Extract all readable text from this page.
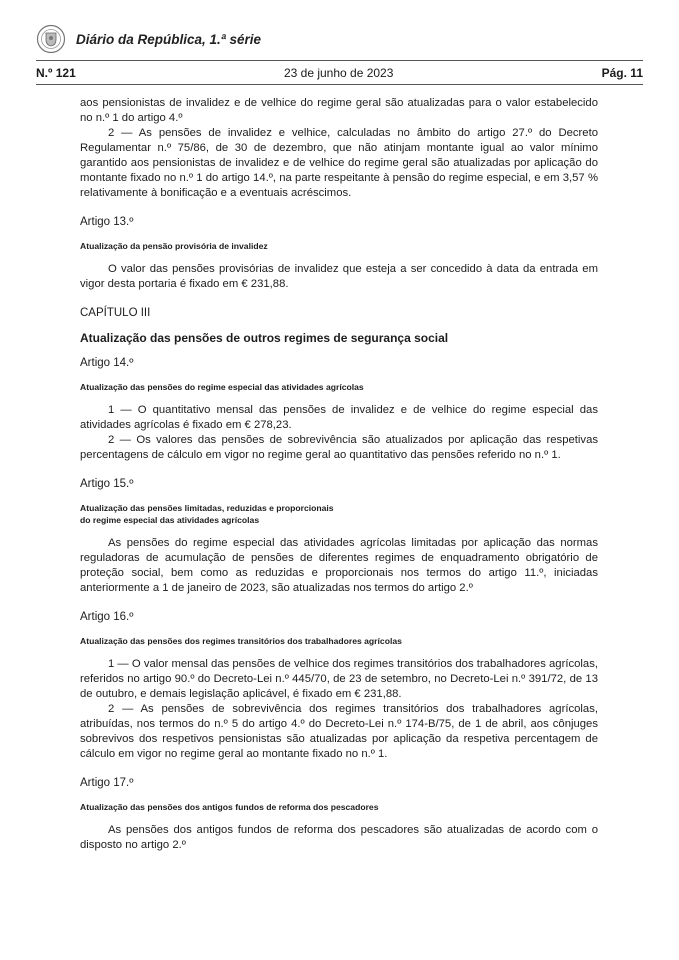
Diário da República, 1.ª série
N.º 121	23 de junho de 2023	Pág. 11

aos pensionistas de invalidez e de velhice do regime geral são atualizadas para o valor estabelecido no n.º 1 do artigo 4.º

2 — As pensões de invalidez e velhice, calculadas no âmbito do artigo 27.º do Decreto Regulamentar n.º 75/86, de 30 de dezembro, que não atinjam montante igual ao valor mínimo garantido aos pensionistas de invalidez e de velhice do regime geral são atualizadas por aplicação do montante fixado no n.º 1 do artigo 14.º, na parte respeitante à pensão do regime especial, e em 3,57 % relativamente à bonificação e a eventuais acréscimos.

Artigo 13.º

Atualização da pensão provisória de invalidez

O valor das pensões provisórias de invalidez que esteja a ser concedido à data da entrada em vigor desta portaria é fixado em € 231,88.

CAPÍTULO III

Atualização das pensões de outros regimes de segurança social

Artigo 14.º

Atualização das pensões do regime especial das atividades agrícolas

1 — O quantitativo mensal das pensões de invalidez e de velhice do regime especial das atividades agrícolas é fixado em € 278,23.

2 — Os valores das pensões de sobrevivência são atualizados por aplicação das respetivas percentagens de cálculo em vigor no regime geral ao quantitativo das pensões referido no n.º 1.

Artigo 15.º

Atualização das pensões limitadas, reduzidas e proporcionais

do regime especial das atividades agrícolas

As pensões do regime especial das atividades agrícolas limitadas por aplicação das normas reguladoras de acumulação de pensões de diferentes regimes de enquadramento obrigatório de proteção social, bem como as reduzidas e proporcionais nos termos do artigo 11.º, iniciadas anteriormente a 1 de janeiro de 2023, são atualizadas nos termos do artigo 2.º

Artigo 16.º

Atualização das pensões dos regimes transitórios dos trabalhadores agrícolas

1 — O valor mensal das pensões de velhice dos regimes transitórios dos trabalhadores agrícolas, referidos no artigo 90.º do Decreto-Lei n.º 445/70, de 23 de setembro, no Decreto-Lei n.º 391/72, de 13 de outubro, e demais legislação aplicável, é fixado em € 231,88.

2 — As pensões de sobrevivência dos regimes transitórios dos trabalhadores agrícolas, atribuídas, nos termos do n.º 5 do artigo 4.º do Decreto-Lei n.º 174-B/75, de 1 de abril, aos cônjuges sobrevivos dos respetivos pensionistas são atualizadas por aplicação da respetiva percentagem de cálculo em vigor no regime geral ao montante fixado no n.º 1.

Artigo 17.º

Atualização das pensões dos antigos fundos de reforma dos pescadores

As pensões dos antigos fundos de reforma dos pescadores são atualizadas de acordo com o disposto no artigo 2.º
